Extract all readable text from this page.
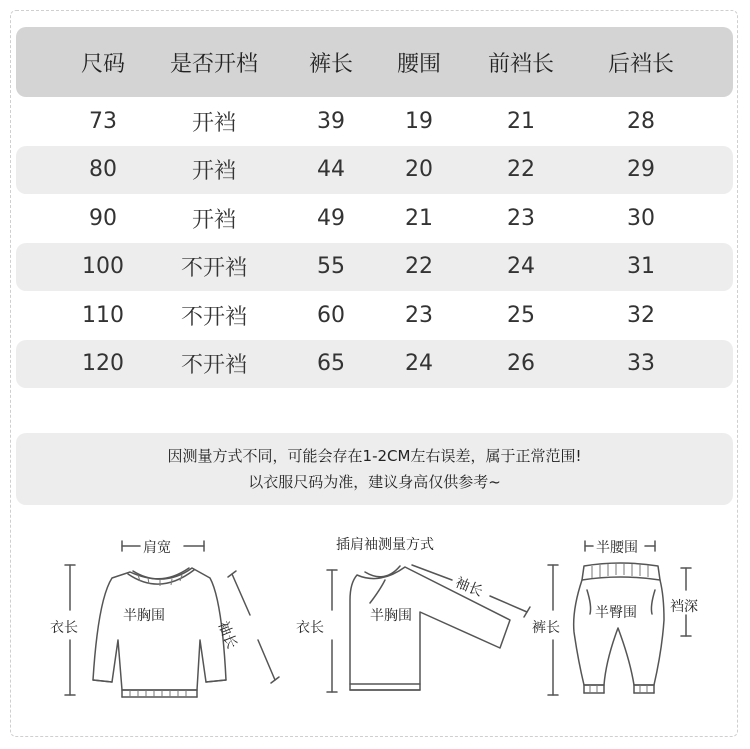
尺码	是否开档	裤长	腰围	前裆长	后裆长
73	开裆	39	19	21	28
80	开裆	44	20	22	29
90	开裆	49	21	23	30
100	不开裆	55	22	24	31
110	不开裆	60	23	25	32
120	不开裆	65	24	26	33
因测量方式不同，可能会存在1-2CM左右误差，属于正常范围!
以衣服尺码为准，建议身高仅供参考~
肩宽
半胸围
衣长	袖长
插肩袖测量方式
半胸围
衣长
袖长
半腰围
半臀围
裤长
裆深
